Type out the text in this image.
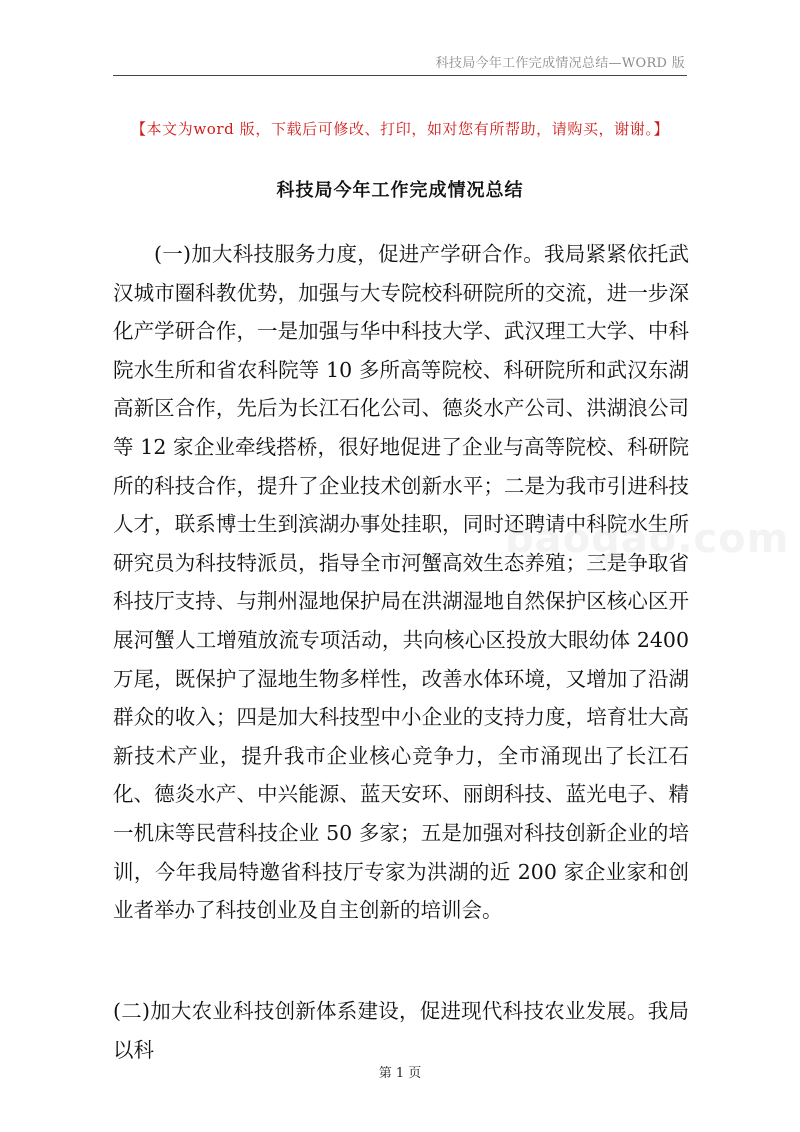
科技局今年工作完成情况总结—WORD 版
【本文为word 版，下载后可修改、打印，如对您有所帮助，请购买，谢谢。】
科技局今年工作完成情况总结

(一)加大科技服务力度，促进产学研合作。我局紧紧依托武汉城市圈科教优势，加强与大专院校科研院所的交流，进一步深化产学研合作，一是加强与华中科技大学、武汉理工大学、中科院水生所和省农科院等 10 多所高等院校、科研院所和武汉东湖高新区合作，先后为长江石化公司、德炎水产公司、洪湖浪公司等 12 家企业牵线搭桥，很好地促进了企业与高等院校、科研院所的科技合作，提升了企业技术创新水平；二是为我市引进科技人才，联系博士生到滨湖办事处挂职，同时还聘请中科院水生所研究员为科技特派员，指导全市河蟹高效生态养殖；三是争取省科技厅支持、与荆州湿地保护局在洪湖湿地自然保护区核心区开展河蟹人工增殖放流专项活动，共向核心区投放大眼幼体 2400 万尾，既保护了湿地生物多样性，改善水体环境，又增加了沿湖群众的收入；四是加大科技型中小企业的支持力度，培育壮大高新技术产业，提升我市企业核心竞争力，全市涌现出了长江石化、德炎水产、中兴能源、蓝天安环、丽朗科技、蓝光电子、精一机床等民营科技企业 50 多家；五是加强对科技创新企业的培训，今年我局特邀省科技厅专家为洪湖的近 200 家企业家和创业者举办了科技创业及自主创新的培训会。

(二)加大农业科技创新体系建设，促进现代科技农业发展。我局以科

baogao.com
第 1 页
